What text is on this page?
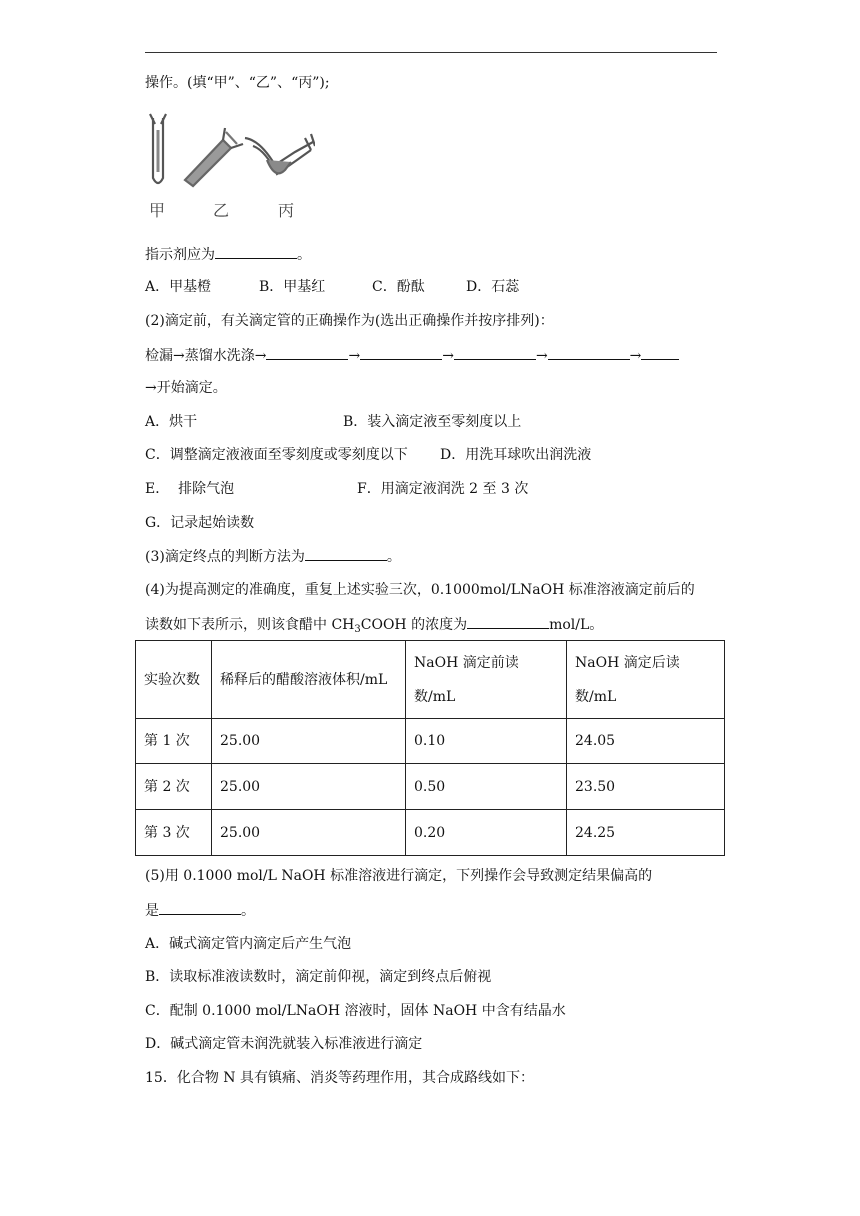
操作。(填“甲”、“乙”、“丙”);
甲	乙	丙
指示剂应为	。
A．甲基橙	B．甲基红	C．酚酞	D．石蕊
(2)滴定前，有关滴定管的正确操作为(选出正确操作并按序排列)：
检漏→蒸馏水洗涤→	→	→	→	→
→开始滴定。
A．烘干	B．装入滴定液至零刻度以上
C．调整滴定液液面至零刻度或零刻度以下 D．用洗耳球吹出润洗液
E．  排除气泡	F．用滴定液润洗 2 至 3 次
G．记录起始读数
(3)滴定终点的判断方法为	。
(4)为提高测定的准确度，重复上述实验三次，0.1000mol/LNaOH 标准溶液滴定前后的
读数如下表所示，则该食醋中 $CH_3COOH$ 的浓度为	mol/L。
实验次数	稀释后的醋酸溶液体积/mL	NaOH 滴定前读数/mL	NaOH 滴定后读数/mL
第 1 次	25.00	0.10	24.05
第 2 次	25.00	0.50	23.50
第 3 次	25.00	0.20	24.25
(5)用 0.1000 mol/L NaOH 标准溶液进行滴定，下列操作会导致测定结果偏高的
是	。
A．碱式滴定管内滴定后产生气泡
B．读取标准液读数时，滴定前仰视，滴定到终点后俯视
C．配制 0.1000 mol/LNaOH 溶液时，固体 NaOH 中含有结晶水
D．碱式滴定管未润洗就装入标准液进行滴定
15．化合物 N 具有镇痛、消炎等药理作用，其合成路线如下：
